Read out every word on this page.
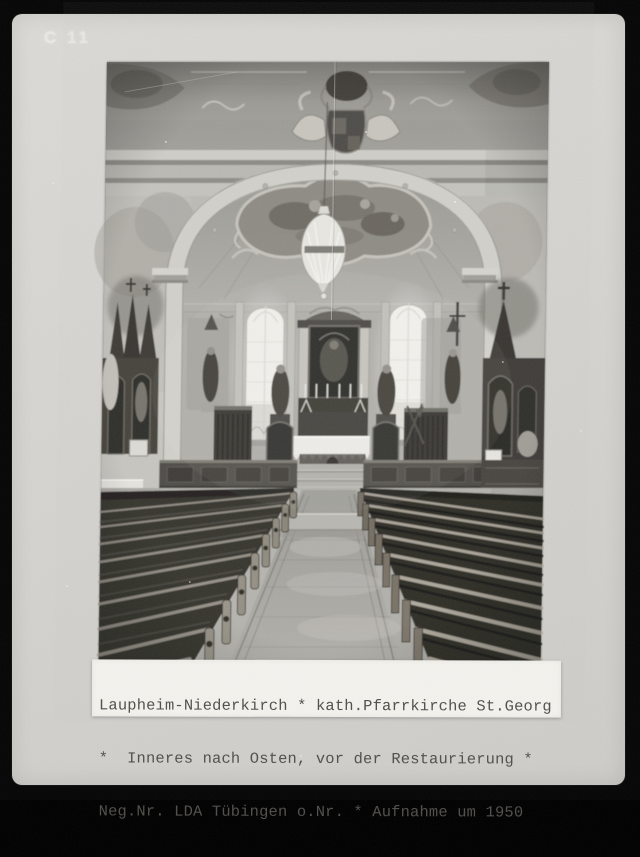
C 11

Laupheim-Niederkirch * kath.Pfarrkirche St.Georg

*  Inneres nach Osten, vor der Restaurierung *

Neg.Nr. LDA Tübingen o.Nr. * Aufnahme um 1950
